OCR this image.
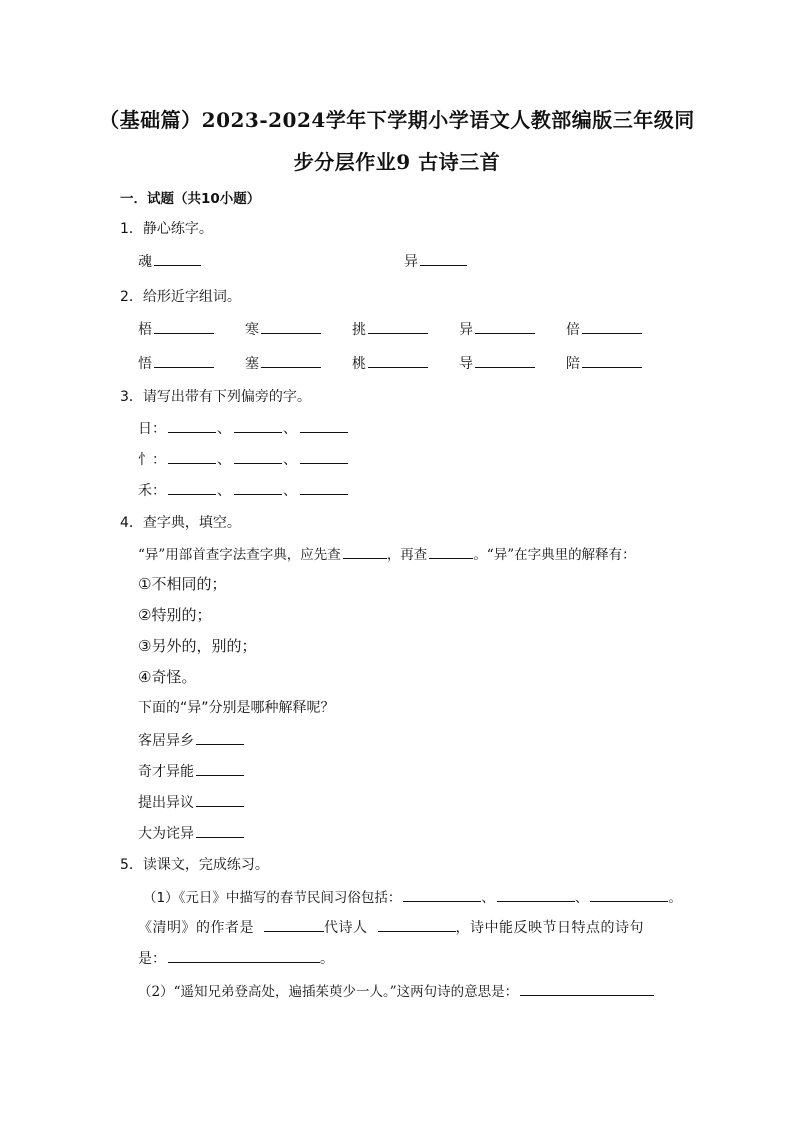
（基础篇）2023-2024学年下学期小学语文人教部编版三年级同
步分层作业9 古诗三首
一．试题（共10小题）
1．静心练字。
魂	异
2．给形近字组词。
梧	寒	挑	异	倍
悟	塞	桃	导	陪
3．请写出带有下列偏旁的字。
日：	、	、
忄：	、	、
禾：	、	、
4．查字典，填空。
“异”用部首查字法查字典，应先查	，再查	。“异”在字典里的解释有：
①不相同的；
②特别的；
③另外的，别的；
④奇怪。
下面的“异”分别是哪种解释呢？
客居异乡
奇才异能
提出异议
大为诧异
5．读课文，完成练习。
（1）《元日》中描写的春节民间习俗包括：	、	、	。
《清明》的作者是	代诗人	，诗中能反映节日特点的诗句
是：	。
（2）“遥知兄弟登高处，遍插茱萸少一人。”这两句诗的意思是：
